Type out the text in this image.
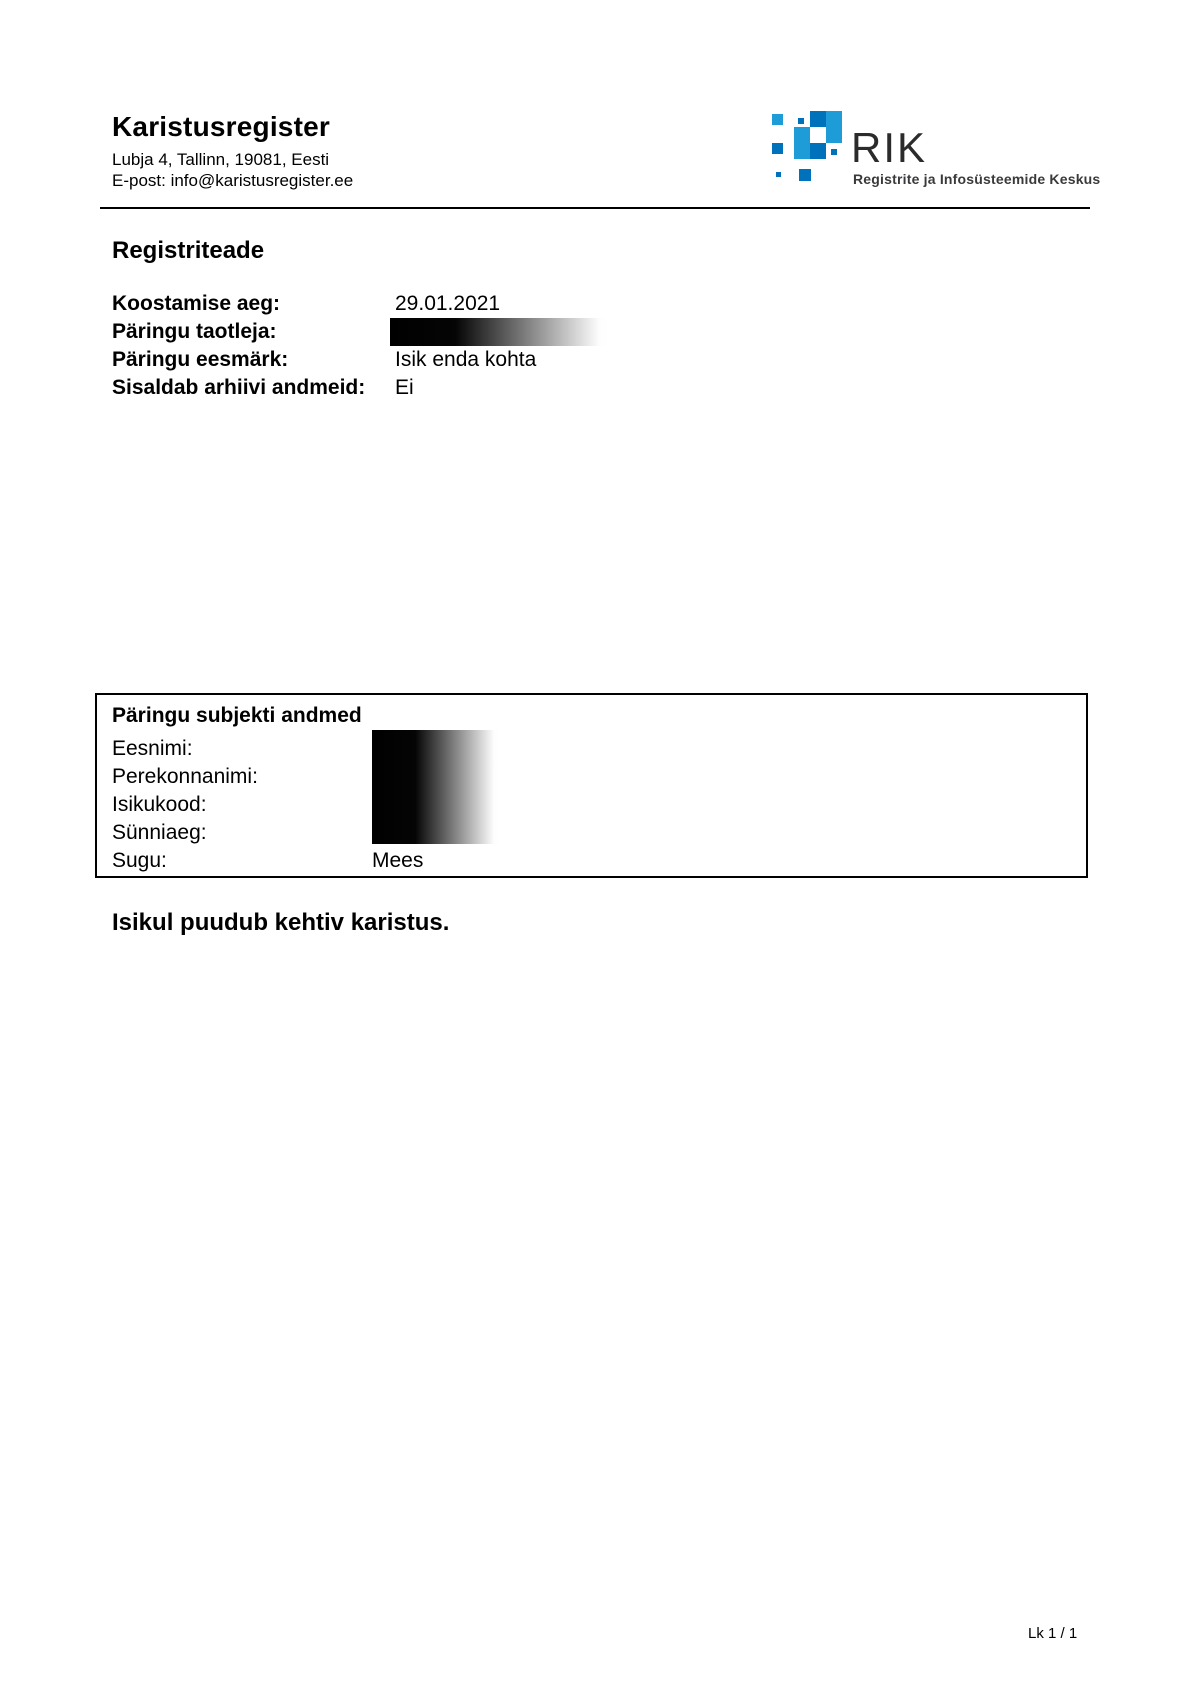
Karistusregister
Lubja 4, Tallinn, 19081, Eesti
E-post: info@karistusregister.ee
RIK
Registrite ja Infosüsteemide Keskus
Registriteade
Koostamise aeg:	29.01.2021
Päringu taotleja:
Päringu eesmärk:	Isik enda kohta
Sisaldab arhiivi andmeid:	Ei
Päringu subjekti andmed
Eesnimi:
Perekonnanimi:
Isikukood:
Sünniaeg:
Sugu:	Mees

Isikul puudub kehtiv karistus.

Lk 1 / 1
